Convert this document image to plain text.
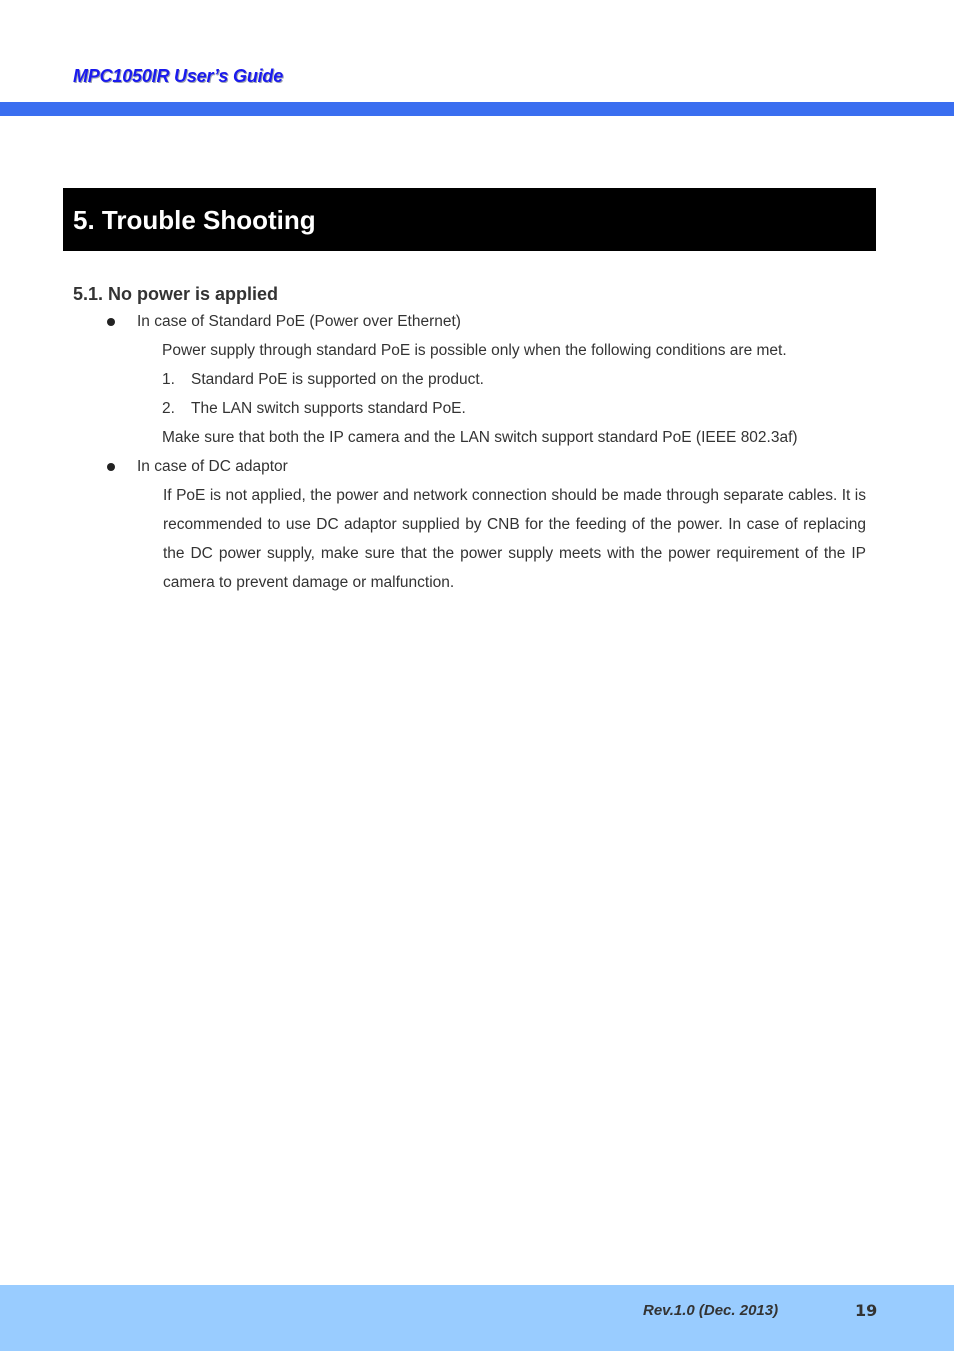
MPC1050IR User’s Guide
5. Trouble Shooting
5.1. No power is applied
In case of Standard PoE (Power over Ethernet)
Power supply through standard PoE is possible only when the following conditions are met.
1. Standard PoE is supported on the product.
2. The LAN switch supports standard PoE.
Make sure that both the IP camera and the LAN switch support standard PoE (IEEE 802.3af)
In case of DC adaptor
If PoE is not applied, the power and network connection should be made through separate cables. It is recommended to use DC adaptor supplied by CNB for the feeding of the power. In case of replacing the DC power supply, make sure that the power supply meets with the power requirement of the IP camera to prevent damage or malfunction.
Rev.1.0 (Dec. 2013)	19
